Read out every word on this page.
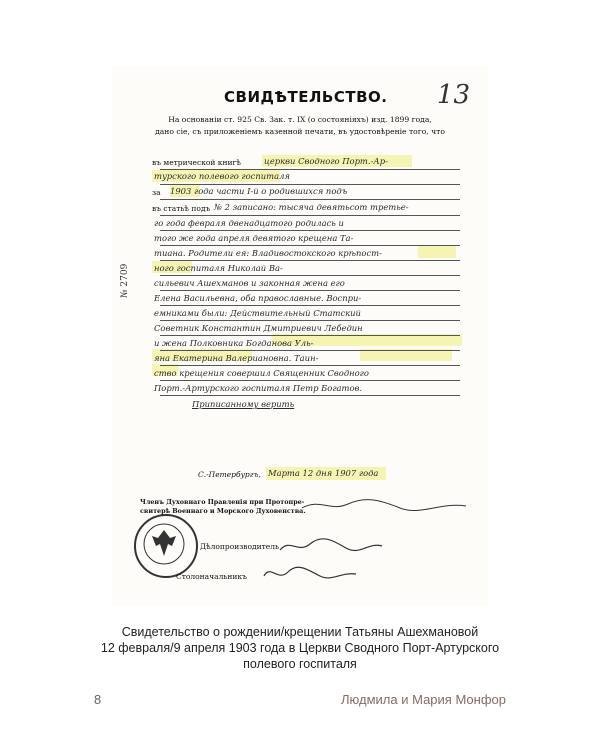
СВИДѢТЕЛЬСТВО. 13
На основаніи ст. 925 Св. Зак. т. IX (о состояніяхъ) изд. 1899 года,
дано сіе, съ приложеніемъ казенной печати, въ удостовѣреніе того, что
въ метрической книгѣ	церкви Сводного Порт.-Ар-
турского полевого госпиталя
за 1903 года части І-й о родившихся подъ
въ статьѣ подъ № 2 записано: тысяча девятьсот третье-
го года февраля двенадцатого родилась и
того же года апреля девятого крещена Та-
тиана. Родители ея: Владивостокского крѣпост-
ного госпиталя Николай Ва-
сильевич Ашехманов и законная жена его
Елена Васильевна, оба православные. Воспри-
емниками были: Действительный Статский
Советник Константин Дмитриевич Лебедин
и жена Полковника Богданова Уль-
яна Екатерина Валериановна. Таин-
ство крещения совершил Священник Сводного
Порт.-Артурского госпиталя Петр Богатов.
Приписанному верить
№ 2709
С.-Петербургъ, Марта 12 дня 1907 года
Членъ Духовнаго Правленія при Протопре-
свитерѣ Военнаго и Морского Духовенства.
Дѣлопроизводитель
Столоначальникъ
Свидетельство о рождении/крещении Татьяны Ашехмановой
12 февраля/9 апреля 1903 года в Церкви Сводного Порт-Артурского
полевого госпиталя
8	Людмила и Мария Монфор
